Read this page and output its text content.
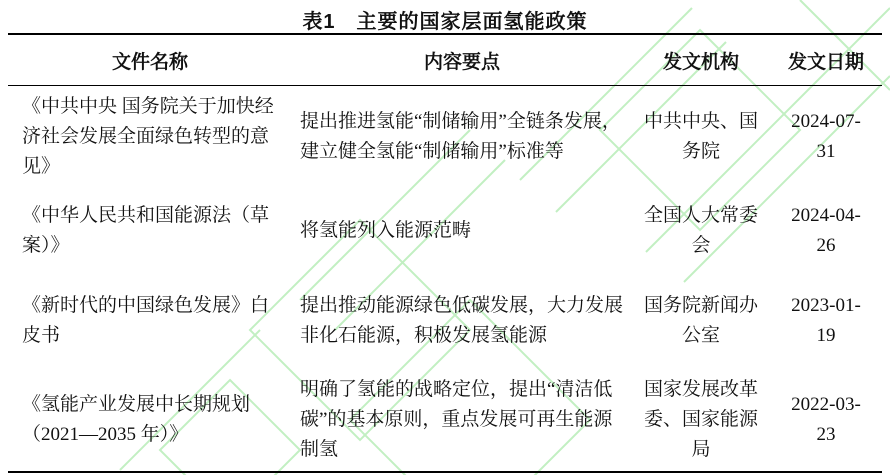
表1　主要的国家层面氢能政策
文件名称	内容要点	发文机构	发文日期
《中共中央 国务院关于加快经济社会发展全面绿色转型的意见》	提出推进氢能“制储输用”全链条发展，建立健全氢能“制储输用”标准等	中共中央、国务院	2024-07-31
《中华人民共和国能源法（草案）》	将氢能列入能源范畴	全国人大常委会	2024-04-26
《新时代的中国绿色发展》白皮书	提出推动能源绿色低碳发展，大力发展非化石能源，积极发展氢能源	国务院新闻办公室	2023-01-19
《氢能产业发展中长期规划（2021—2035 年）》	明确了氢能的战略定位，提出“清洁低碳”的基本原则，重点发展可再生能源制氢	国家发展改革委、国家能源局	2022-03-23
